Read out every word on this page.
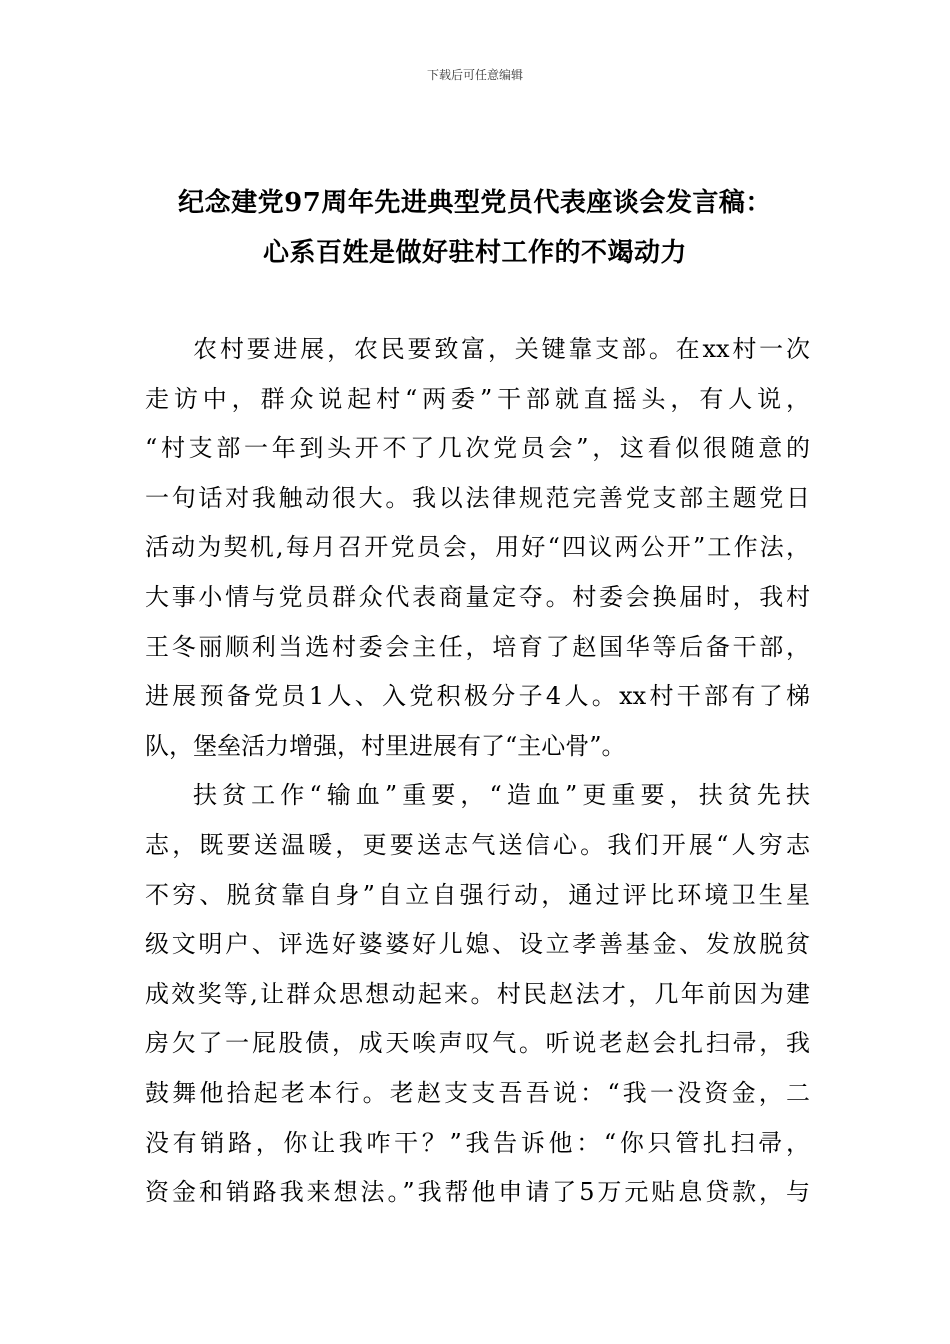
下载后可任意编辑
纪念建党97周年先进典型党员代表座谈会发言稿：
心系百姓是做好驻村工作的不竭动力
农村要进展，农民要致富，关键靠支部。在xx村一次
走访中，群众说起村“两委”干部就直摇头，有人说，
“村支部一年到头开不了几次党员会”，这看似很随意的
一句话对我触动很大。我以法律规范完善党支部主题党日
活动为契机,每月召开党员会，用好“四议两公开”工作法，
大事小情与党员群众代表商量定夺。村委会换届时，我村
王冬丽顺利当选村委会主任，培育了赵国华等后备干部，
进展预备党员1人、入党积极分子4人。xx村干部有了梯
队，堡垒活力增强，村里进展有了“主心骨”。
扶贫工作“输血”重要，“造血”更重要，扶贫先扶
志，既要送温暖，更要送志气送信心。我们开展“人穷志
不穷、脱贫靠自身”自立自强行动，通过评比环境卫生星
级文明户、评选好婆婆好儿媳、设立孝善基金、发放脱贫
成效奖等,让群众思想动起来。村民赵法才，几年前因为建
房欠了一屁股债，成天唉声叹气。听说老赵会扎扫帚，我
鼓舞他拾起老本行。老赵支支吾吾说：“我一没资金，二
没有销路，你让我咋干？”我告诉他：“你只管扎扫帚，
资金和销路我来想法。”我帮他申请了5万元贴息贷款，与
